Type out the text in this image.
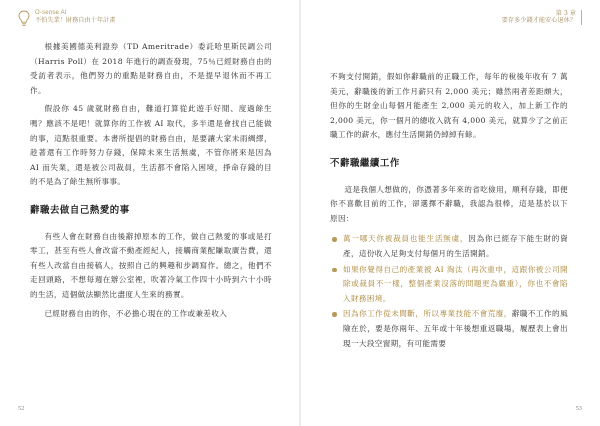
O-sense AI
不怕失業！財務自由十年計畫

根據美國德美利證券（TD Ameritrade）委託哈里斯民調公司（Harris Poll）在 2018 年進行的調查發現，75％已經財務自由的受訪者表示，他們努力的重點是財務自由，不是提早退休而不再工作。

假設你 45 歲就財務自由，難道打算從此遊手好閒、度過餘生嗎？應該不是吧！就算你的工作被 AI 取代，多半還是會找自己能做的事，這點很重要。本書所提倡的財務自由，是要讓大家未雨綢繆，趁著還有工作時努力存錢，保障未來生活無虞，不管你將來是因為 AI 而失業，還是被公司裁員，生活都不會陷入困境，掙命存錢的目的不是為了餘生無所事事。

辭職去做自己熱愛的事

有些人會在財務自由後辭掉原本的工作，做自己熱愛的事或是打零工，甚至有些人會改當不動產經紀人，接觸商業配賺取廣告費，還有些人改當自由接稿人，按照自己的興趣和步調寫作。總之，他們不走回頭路，不想每週在辦公室裡，吹著冷氣工作四十小時到六十小時的生活，這個做法顯然比盡度人生來的務實。

已經財務自由的你，不必擔心現在的工作或兼差收入

52
第 3 章
要存多少錢才能安心退休？

不夠支付開銷，假如你辭職前的正職工作，每年的稅後年收有 7 萬美元，辭職後的新工作月薪只有 2,000 美元；雖然兩者差距頗大，但你的生財金山每個月能產生 2,000 美元的收入，加上新工作的 2,000 美元，你一個月的總收入就有 4,000 美元，就算少了之前正職工作的薪水，應付生活開銷仍綽綽有餘。

不辭職繼續工作

這是我個人想做的，你憑著多年來的省吃儉用，順利存錢，即便你不喜歡目前的工作，卻選擇不辭職，我認為很棒，這是基於以下原因：

萬一哪天你被裁員也能生活無虞，因為你已經存下能生財的資產，這份收入足夠支付每個月的生活開銷。
如果你覺得自己的產業被 AI 淘汰（再次重申，這跟你被公司開除或裁員不一樣，整個產業沒落的問題更為嚴重），你也不會陷入財務困境。
因為你工作從未間斷，所以專業技能不會荒廢，辭職不工作的風險在於，要是你兩年、五年或十年後想重返職場，履歷表上會出現一大段空窗期，有可能需要
53
